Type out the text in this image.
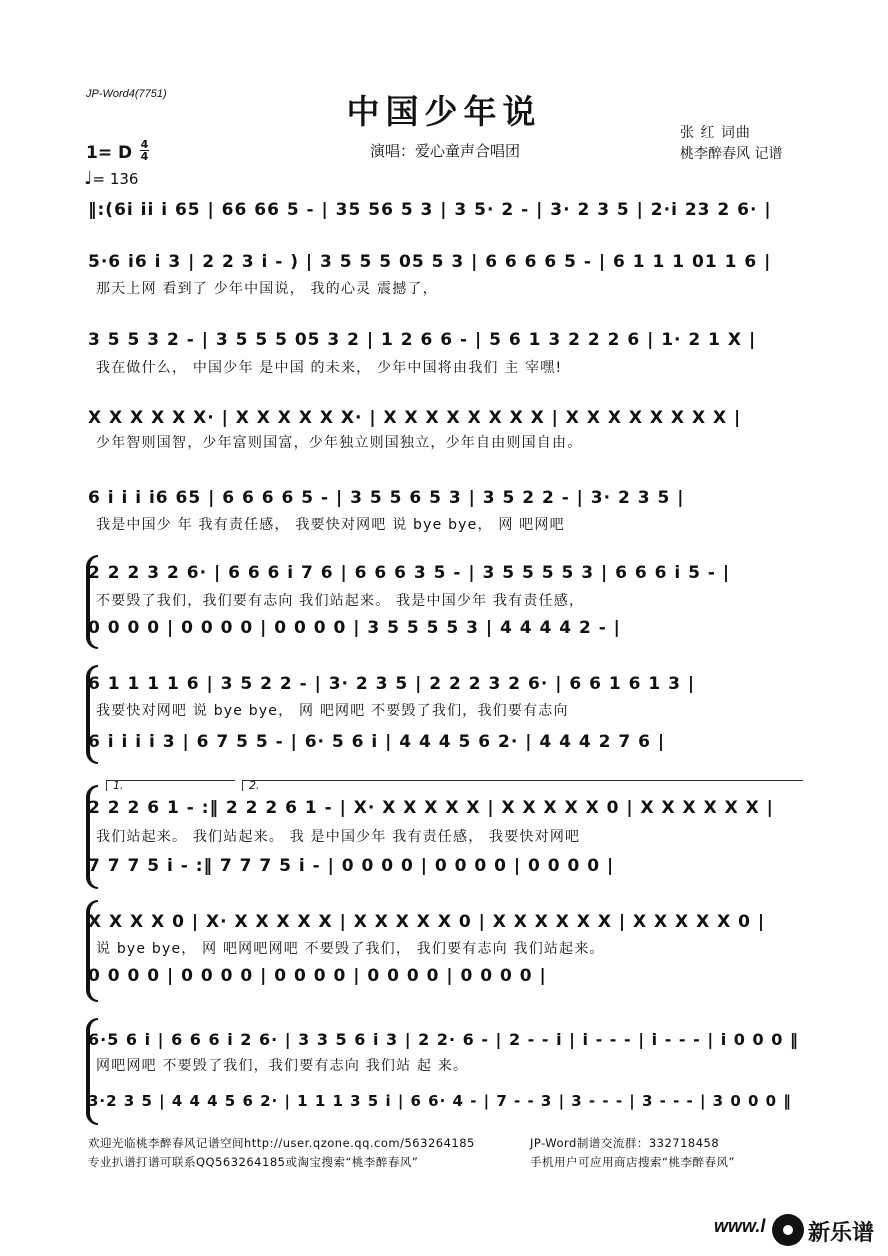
JP-Word4(7751)	中国少年说
1= D 4
4
♩= 136
演唱：爱心童声合唱团
张 红 词曲
桃李醉春风 记谱
‖:(6i ii i 65 | 66 66 5 - | 35 56 5 3 | 3 5· 2 - | 3· 2 3 5 | 2·i 23 2 6· |
5·6 i6 i 3 | 2 2 3 i - ) | 3 5 5 5 05 5 3 | 6 6 6 6 5 - | 6 1 1 1 01 1 6 |
那天上网 看到了 少年中国说， 我的心灵 震撼了，
3 5 5 3 2 - | 3 5 5 5 05 3 2 | 1 2 6 6 - | 5 6 1 3 2 2 2 6 | 1· 2 1 X |
我在做什么， 中国少年 是中国 的未来， 少年中国将由我们 主 宰嘿!
X X X X X X· | X X X X X X· | X X X X X X X X | X X X X X X X X |
少年智则国智，少年富则国富，少年独立则国独立，少年自由则国自由。
6 i i i i6 65 | 6 6 6 6 5 - | 3 5 5 6 5 3 | 3 5 2 2 - | 3· 2 3 5 |
我是中国少 年 我有责任感， 我要快对网吧 说 bye bye， 网 吧网吧
2 2 2 3 2 6· | 6 6 6 i 7 6 | 6 6 6 3 5 - | 3 5 5 5 5 3 | 6 6 6 i 5 - |
不要毁了我们，我们要有志向 我们站起来。 我是中国少年 我有责任感，
0 0 0 0 | 0 0 0 0 | 0 0 0 0 | 3 5 5 5 5 3 | 4 4 4 4 2 - |
6 1 1 1 1 6 | 3 5 2 2 - | 3· 2 3 5 | 2 2 2 3 2 6· | 6 6 1 6 1 3 |
我要快对网吧 说 bye bye， 网 吧网吧 不要毁了我们，我们要有志向
6 i i i i 3 | 6 7 5 5 - | 6· 5 6 i | 4 4 4 5 6 2· | 4 4 4 2 7 6 |
2 2 2 6 1 - :‖ 2 2 2 6 1 - | X· X X X X X | X X X X X 0 | X X X X X X |
我们站起来。 我们站起来。 我 是中国少年 我有责任感， 我要快对网吧
7 7 7 5 i - :‖ 7 7 7 5 i - | 0 0 0 0 | 0 0 0 0 | 0 0 0 0 |
X X X X 0 | X· X X X X X | X X X X X 0 | X X X X X X | X X X X X 0 |
说 bye bye， 网 吧网吧网吧 不要毁了我们， 我们要有志向 我们站起来。
0 0 0 0 | 0 0 0 0 | 0 0 0 0 | 0 0 0 0 | 0 0 0 0 |
6·5 6 i | 6 6 6 i 2 6· | 3 3 5 6 i 3 | 2 2· 6 - | 2 - - i | i - - - | i - - - | i 0 0 0 ‖
网吧网吧 不要毁了我们，我们要有志向 我们站 起 来。
3·2 3 5 | 4 4 4 5 6 2· | 1 1 1 3 5 i | 6 6· 4 - | 7 - - 3 | 3 - - - | 3 - - - | 3 0 0 0 ‖
1.	2.
欢迎光临桃李醉春风记谱空间http://user.qzone.qq.com/563264185	JP-Word制谱交流群：332718458
专业扒谱打谱可联系QQ563264185或淘宝搜索“桃李醉春风”	手机用户可应用商店搜索“桃李醉春风”
www.l 新乐谱
